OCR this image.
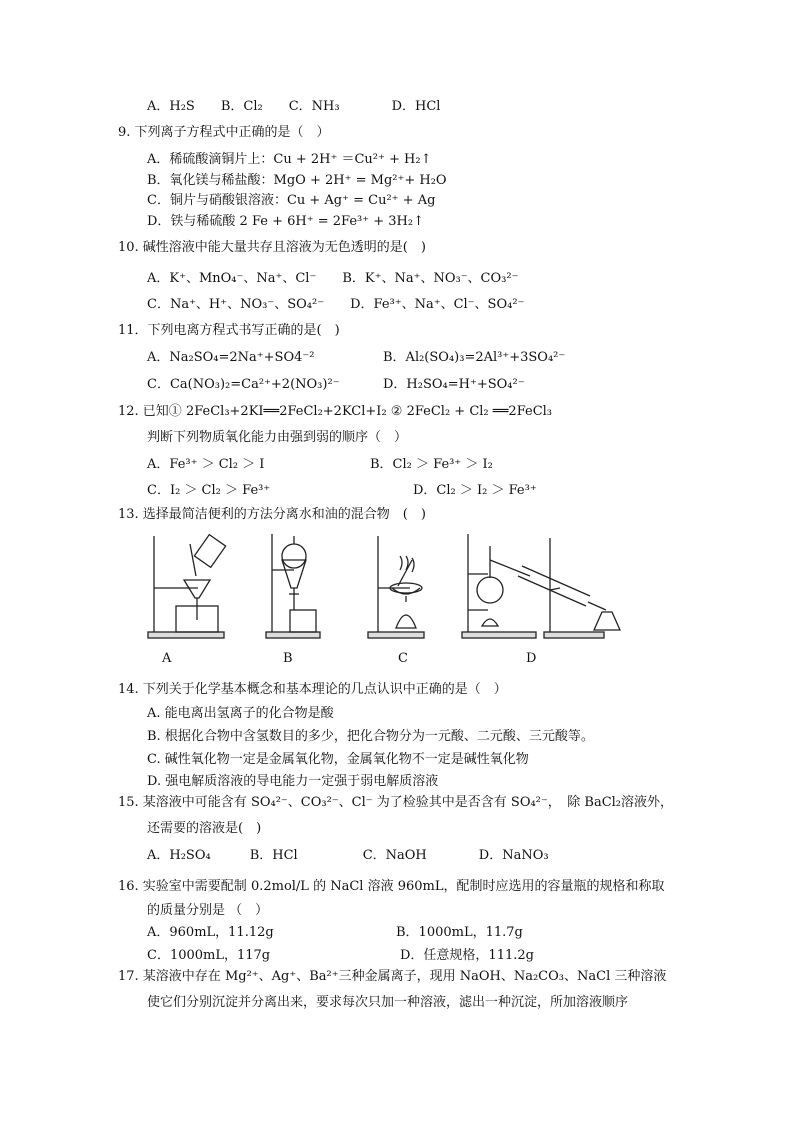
A．H₂S　　B．Cl₂　　C．NH₃　　　　D．HCl
9. 下列离子方程式中正确的是（　）
A．稀硫酸滴铜片上：Cu + 2H⁺ ＝Cu²⁺ + H₂↑
B．氧化镁与稀盐酸：MgO + 2H⁺ = Mg²⁺+ H₂O
C．铜片与硝酸银溶液：Cu + Ag⁺ = Cu²⁺ + Ag
D．铁与稀硫酸 2 Fe + 6H⁺ = 2Fe³⁺ + 3H₂↑
10. 碱性溶液中能大量共存且溶液为无色透明的是(　)
A．K⁺、MnO₄⁻、Na⁺、Cl⁻　　B．K⁺、Na⁺、NO₃⁻、CO₃²⁻
C．Na⁺、H⁺、NO₃⁻、SO₄²⁻　　D．Fe³⁺、Na⁺、Cl⁻、SO₄²⁻
11．下列电离方程式书写正确的是(　)
A．Na₂SO₄=2Na⁺+SO4⁻²	B．Al₂(SO₄)₃=2Al³⁺+3SO₄²⁻
C．Ca(NO₃)₂=Ca²⁺+2(NO₃)²⁻	D．H₂SO₄=H⁺+SO₄²⁻
12. 已知① 2FeCl₃+2KI══2FeCl₂+2KCl+I₂ ② 2FeCl₂ + Cl₂ ══2FeCl₃
判断下列物质氧化能力由强到弱的顺序（　）
A．Fe³⁺ ＞ Cl₂ ＞ I	B．Cl₂ ＞ Fe³⁺ ＞ I₂
C．I₂ ＞ Cl₂ ＞ Fe³⁺	D．Cl₂ ＞ I₂ ＞ Fe³⁺
13. 选择最简洁便利的方法分离水和油的混合物　(　)
A	B	C	D
14. 下列关于化学基本概念和基本理论的几点认识中正确的是（　）
A. 能电离出氢离子的化合物是酸
B. 根据化合物中含氢数目的多少，把化合物分为一元酸、二元酸、三元酸等。
C. 碱性氧化物一定是金属氧化物，金属氧化物不一定是碱性氧化物
D. 强电解质溶液的导电能力一定强于弱电解质溶液
15. 某溶液中可能含有 SO₄²⁻、CO₃²⁻、Cl⁻ 为了检验其中是否含有 SO₄²⁻，　除 BaCl₂溶液外，
还需要的溶液是(　)
A．H₂SO₄　　　B．HCl　　　　　C．NaOH　　　　D．NaNO₃
16. 实验室中需要配制 0.2mol/L 的 NaCl 溶液 960mL，配制时应选用的容量瓶的规格和称取
的质量分别是 （　）
A．960mL，11.12g	B．1000mL，11.7g
C．1000mL，117g	D．任意规格，111.2g
17. 某溶液中存在 Mg²⁺、Ag⁺、Ba²⁺三种金属离子，现用 NaOH、Na₂CO₃、NaCl 三种溶液
使它们分别沉淀并分离出来，要求每次只加一种溶液，滤出一种沉淀，所加溶液顺序
